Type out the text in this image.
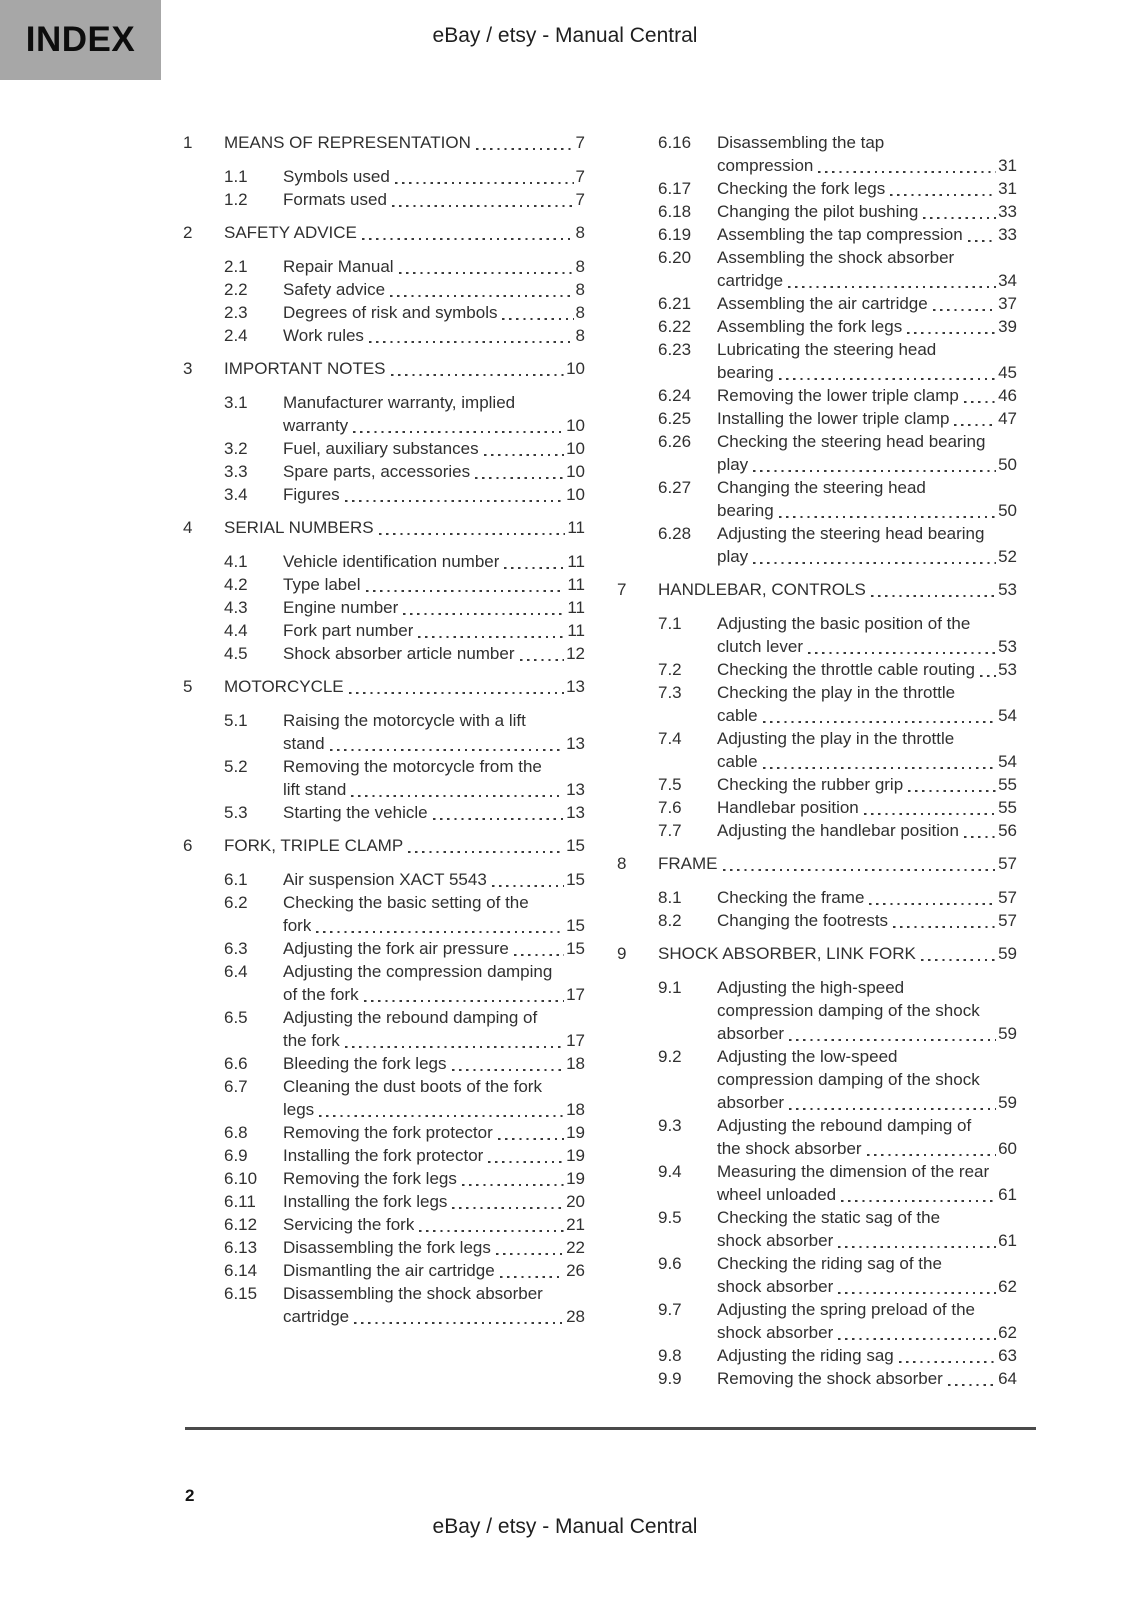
INDEX	eBay / etsy - Manual Central
1	MEANS OF REPRESENTATION	7
1.1	Symbols used	7
1.2	Formats used	7
2	SAFETY ADVICE	8
2.1	Repair Manual	8
2.2	Safety advice	8
2.3	Degrees of risk and symbols	8
2.4	Work rules	8
3	IMPORTANT NOTES	10
3.1	Manufacturer warranty, implied
warranty	10
3.2	Fuel, auxiliary substances	10
3.3	Spare parts, accessories	10
3.4	Figures	10
4	SERIAL NUMBERS	11
4.1	Vehicle identification number	11
4.2	Type label	11
4.3	Engine number	11
4.4	Fork part number	11
4.5	Shock absorber article number	12
5	MOTORCYCLE	13
5.1	Raising the motorcycle with a lift
stand	13
5.2	Removing the motorcycle from the
lift stand	13
5.3	Starting the vehicle	13
6	FORK, TRIPLE CLAMP	15
6.1	Air suspension XACT 5543	15
6.2	Checking the basic setting of the
fork	15
6.3	Adjusting the fork air pressure	15
6.4	Adjusting the compression damping
of the fork	17
6.5	Adjusting the rebound damping of
the fork	17
6.6	Bleeding the fork legs	18
6.7	Cleaning the dust boots of the fork
legs	18
6.8	Removing the fork protector	19
6.9	Installing the fork protector	19
6.10	Removing the fork legs	19
6.11	Installing the fork legs	20
6.12	Servicing the fork	21
6.13	Disassembling the fork legs	22
6.14	Dismantling the air cartridge	26
6.15	Disassembling the shock absorber
cartridge	28
6.16	Disassembling the tap
compression	31
6.17	Checking the fork legs	31
6.18	Changing the pilot bushing	33
6.19	Assembling the tap compression 33
6.20	Assembling the shock absorber
cartridge	34
6.21	Assembling the air cartridge	37
6.22	Assembling the fork legs	39
6.23	Lubricating the steering head
bearing	45
6.24	Removing the lower triple clamp 46
6.25	Installing the lower triple clamp	47
6.26	Checking the steering head bearing
play	50
6.27	Changing the steering head
bearing	50
6.28	Adjusting the steering head bearing
play	52
7	HANDLEBAR, CONTROLS	53
7.1	Adjusting the basic position of the
clutch lever	53
7.2	Checking the throttle cable routing 53
7.3	Checking the play in the throttle
cable	54
7.4	Adjusting the play in the throttle
cable	54
7.5	Checking the rubber grip	55
7.6	Handlebar position	55
7.7	Adjusting the handlebar position 56
8	FRAME	57
8.1	Checking the frame	57
8.2	Changing the footrests	57
9	SHOCK ABSORBER, LINK FORK	59
9.1	Adjusting the high-speed
compression damping of the shock
absorber	59
9.2	Adjusting the low-speed
compression damping of the shock
absorber	59
9.3	Adjusting the rebound damping of
the shock absorber	60
9.4	Measuring the dimension of the rear
wheel unloaded	61
9.5	Checking the static sag of the
shock absorber	61
9.6	Checking the riding sag of the
shock absorber	62
9.7	Adjusting the spring preload of the
shock absorber	62
9.8	Adjusting the riding sag	63
9.9	Removing the shock absorber	64
2
eBay / etsy - Manual Central
